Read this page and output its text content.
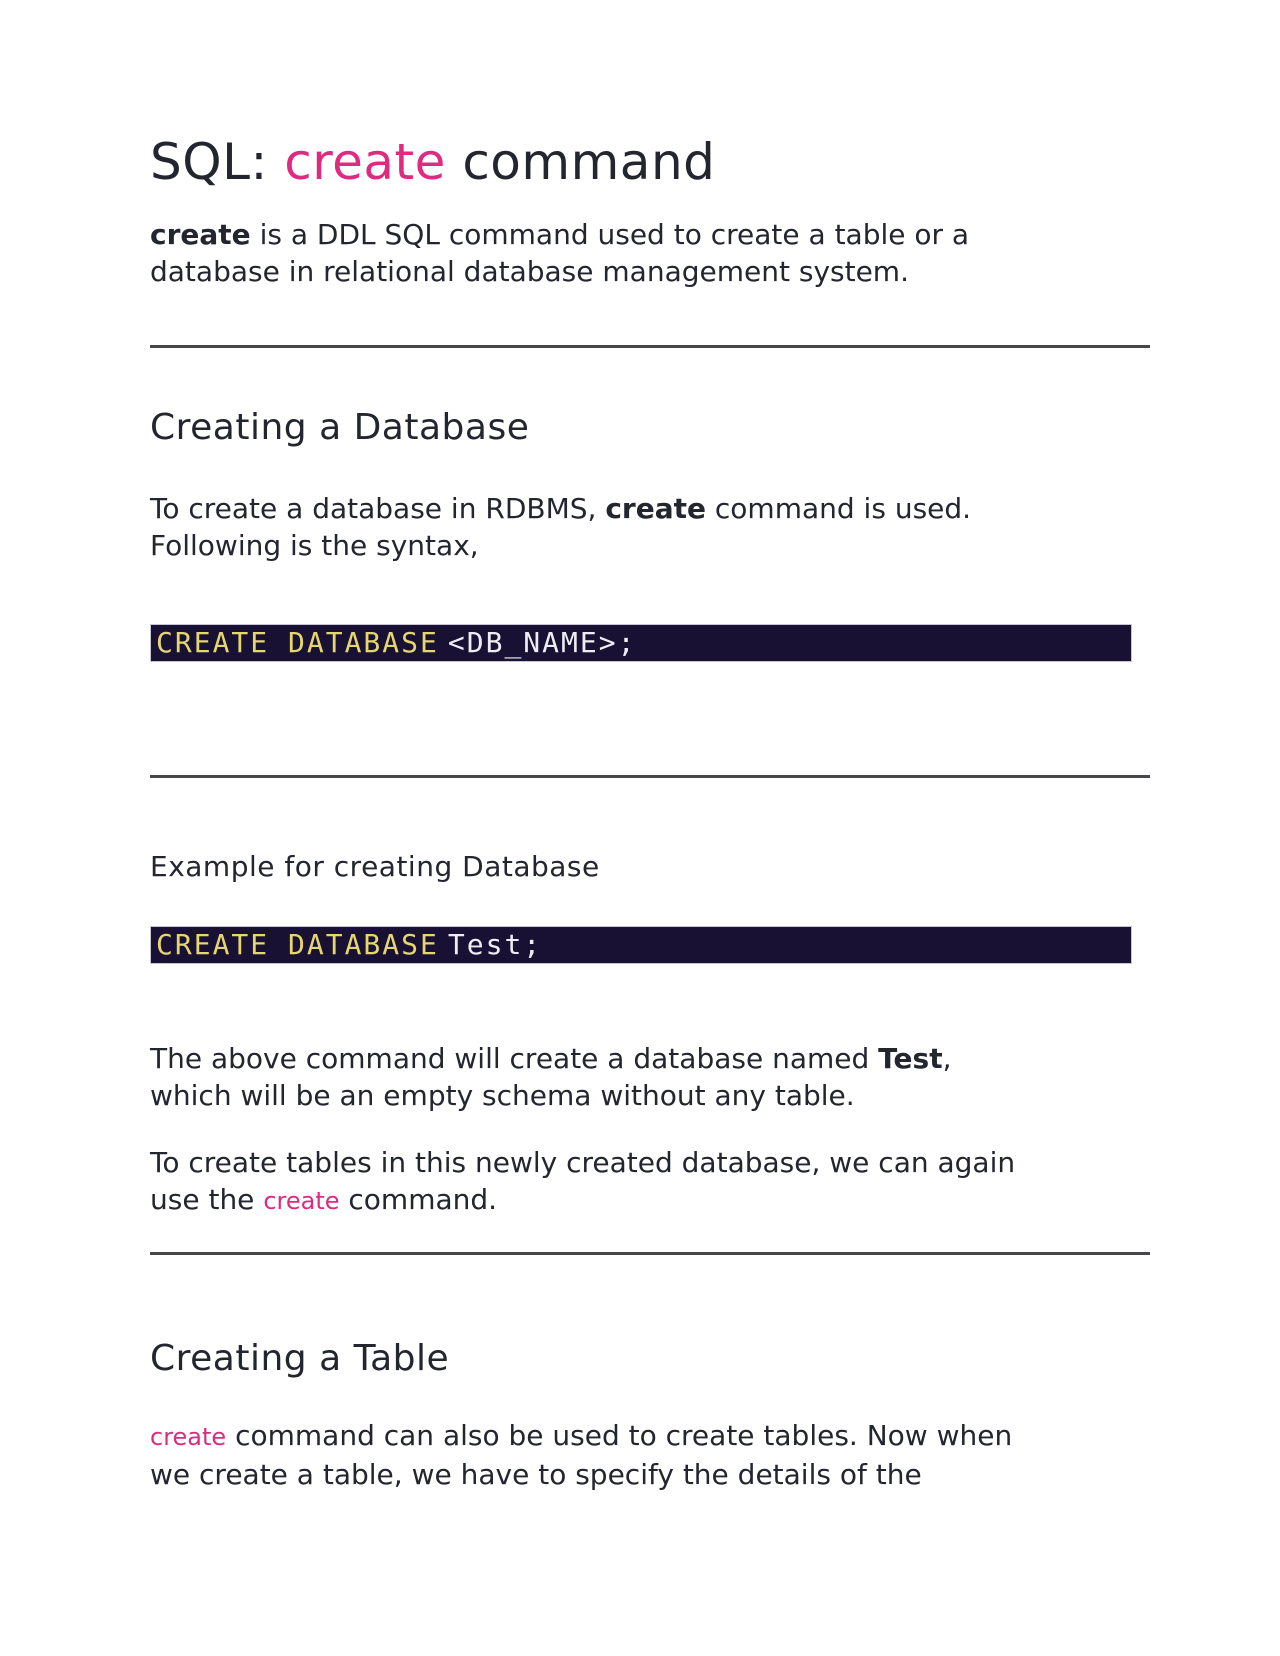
SQL: create command

create is a DDL SQL command used to create a table or a
database in relational database management system.

Creating a Database

To create a database in RDBMS, create command is used.
Following is the syntax,

CREATE DATABASE <DB_NAME>;
Example for creating Database
CREATE DATABASE Test;

The above command will create a database named Test,
which will be an empty schema without any table.

To create tables in this newly created database, we can again
use the create command.

Creating a Table

create command can also be used to create tables. Now when
we create a table, we have to specify the details of the
